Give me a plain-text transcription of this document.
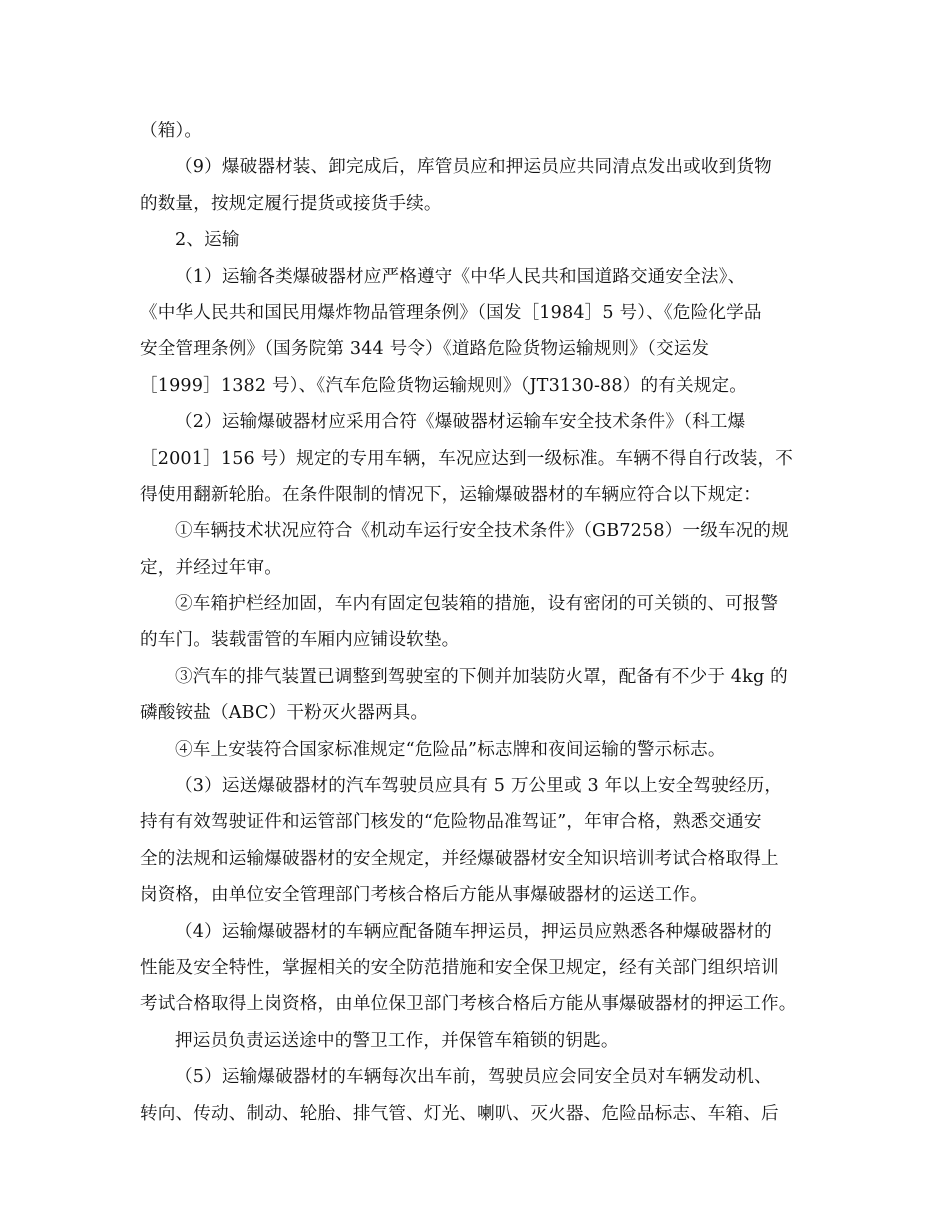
（箱）。
（9）爆破器材装、卸完成后，库管员应和押运员应共同清点发出或收到货物
的数量，按规定履行提货或接货手续。
2、运输
（1）运输各类爆破器材应严格遵守《中华人民共和国道路交通安全法》、
《中华人民共和国民用爆炸物品管理条例》（国发［1984］5 号）、《危险化学品
安全管理条例》（国务院第 344 号令）《道路危险货物运输规则》（交运发
［1999］1382 号）、《汽车危险货物运输规则》（JT3130-88）的有关规定。
（2）运输爆破器材应采用合符《爆破器材运输车安全技术条件》（科工爆
［2001］156 号）规定的专用车辆，车况应达到一级标准。车辆不得自行改装，不
得使用翻新轮胎。在条件限制的情况下，运输爆破器材的车辆应符合以下规定：
①车辆技术状况应符合《机动车运行安全技术条件》（GB7258）一级车况的规
定，并经过年审。
②车箱护栏经加固，车内有固定包装箱的措施，设有密闭的可关锁的、可报警
的车门。装载雷管的车厢内应铺设软垫。
③汽车的排气装置已调整到驾驶室的下侧并加装防火罩，配备有不少于 4kg 的
磷酸铵盐（ABC）干粉灭火器两具。
④车上安装符合国家标准规定“危险品”标志牌和夜间运输的警示标志。
（3）运送爆破器材的汽车驾驶员应具有 5 万公里或 3 年以上安全驾驶经历，
持有有效驾驶证件和运管部门核发的“危险物品准驾证”，年审合格，熟悉交通安
全的法规和运输爆破器材的安全规定，并经爆破器材安全知识培训考试合格取得上
岗资格，由单位安全管理部门考核合格后方能从事爆破器材的运送工作。
（4）运输爆破器材的车辆应配备随车押运员，押运员应熟悉各种爆破器材的
性能及安全特性，掌握相关的安全防范措施和安全保卫规定，经有关部门组织培训
考试合格取得上岗资格，由单位保卫部门考核合格后方能从事爆破器材的押运工作。
押运员负责运送途中的警卫工作，并保管车箱锁的钥匙。
（5）运输爆破器材的车辆每次出车前，驾驶员应会同安全员对车辆发动机、
转向、传动、制动、轮胎、排气管、灯光、喇叭、灭火器、危险品标志、车箱、后
